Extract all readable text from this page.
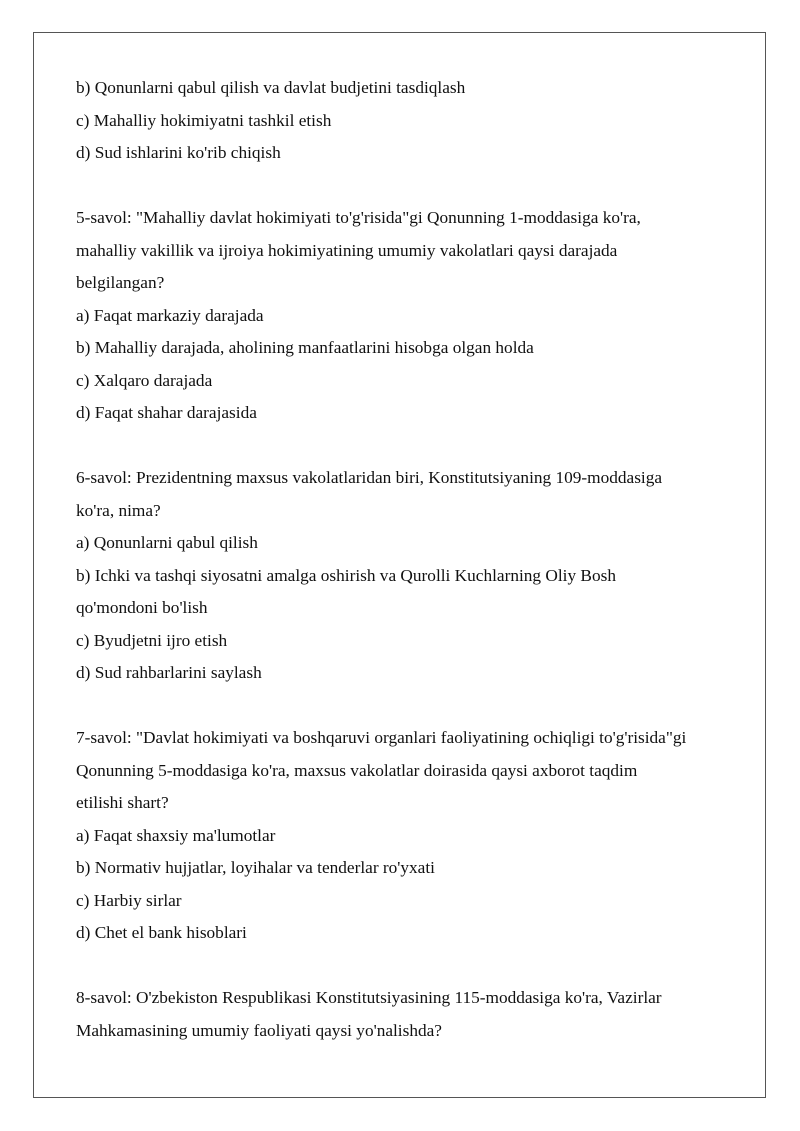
b) Qonunlarni qabul qilish va davlat budjetini tasdiqlash

c) Mahalliy hokimiyatni tashkil etish

d) Sud ishlarini ko'rib chiqish

5-savol: "Mahalliy davlat hokimiyati to'g'risida"gi Qonunning 1-moddasiga ko'ra,

mahalliy vakillik va ijroiya hokimiyatining umumiy vakolatlari qaysi darajada

belgilangan?

a) Faqat markaziy darajada

b) Mahalliy darajada, aholining manfaatlarini hisobga olgan holda

c) Xalqaro darajada

d) Faqat shahar darajasida

6-savol: Prezidentning maxsus vakolatlaridan biri, Konstitutsiyaning 109-moddasiga

ko'ra, nima?

a) Qonunlarni qabul qilish

b) Ichki va tashqi siyosatni amalga oshirish va Qurolli Kuchlarning Oliy Bosh

qo'mondoni bo'lish

c) Byudjetni ijro etish

d) Sud rahbarlarini saylash

7-savol: "Davlat hokimiyati va boshqaruvi organlari faoliyatining ochiqligi to'g'risida"gi

Qonunning 5-moddasiga ko'ra, maxsus vakolatlar doirasida qaysi axborot taqdim

etilishi shart?

a) Faqat shaxsiy ma'lumotlar

b) Normativ hujjatlar, loyihalar va tenderlar ro'yxati

c) Harbiy sirlar

d) Chet el bank hisoblari

8-savol: O'zbekiston Respublikasi Konstitutsiyasining 115-moddasiga ko'ra, Vazirlar

Mahkamasining umumiy faoliyati qaysi yo'nalishda?
